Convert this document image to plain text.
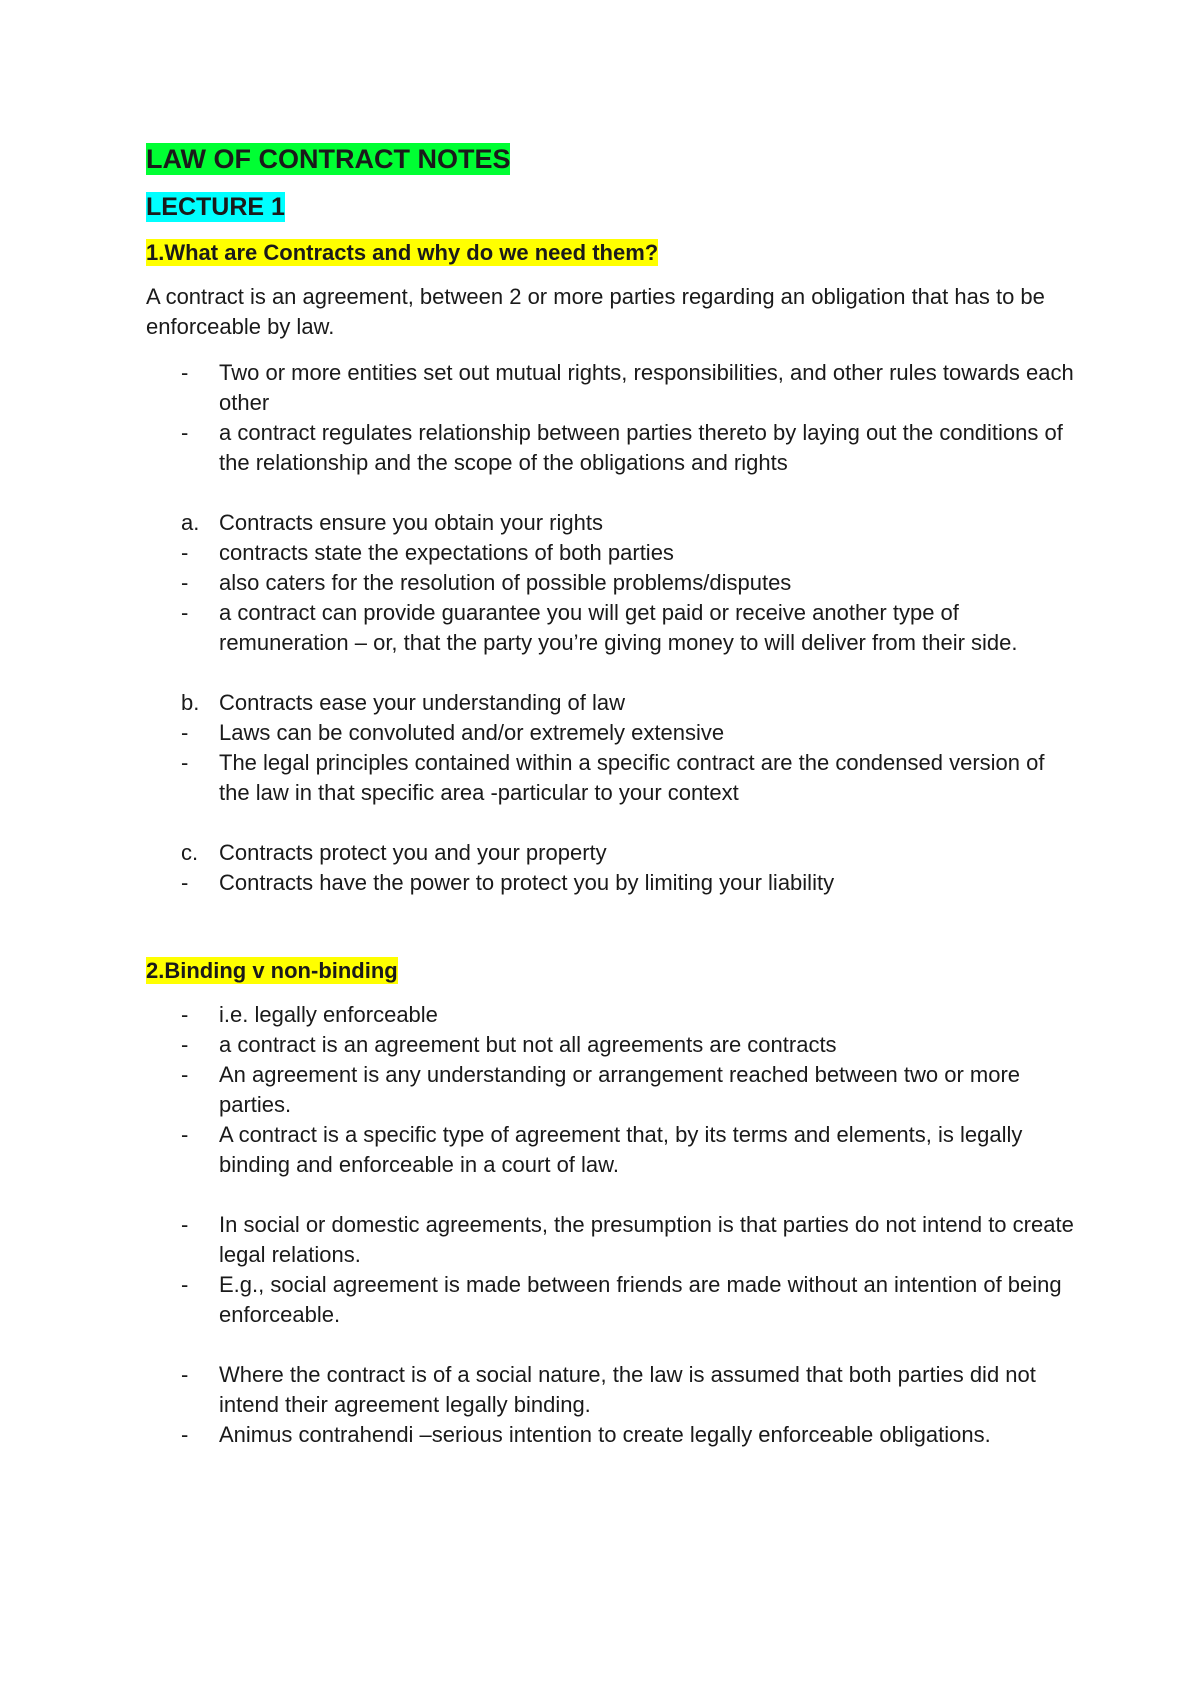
LAW OF CONTRACT NOTES
LECTURE 1
1.What are Contracts and why do we need them?

A contract is an agreement, between 2 or more parties regarding an obligation that has to be enforceable by law.

-	Two or more entities set out mutual rights, responsibilities, and other rules towards each other
-	a contract regulates relationship between parties thereto by laying out the conditions of the relationship and the scope of the obligations and rights
a. Contracts ensure you obtain your rights
-	contracts state the expectations of both parties
-	also caters for the resolution of possible problems/disputes
-	a contract can provide guarantee you will get paid or receive another type of remuneration – or, that the party you’re giving money to will deliver from their side.
b. Contracts ease your understanding of law
-	Laws can be convoluted and/or extremely extensive
-	The legal principles contained within a specific contract are the condensed version of the law in that specific area -particular to your context
c. Contracts protect you and your property
-	Contracts have the power to protect you by limiting your liability
2.Binding v non-binding
-	i.e. legally enforceable
-	a contract is an agreement but not all agreements are contracts
-	An agreement is any understanding or arrangement reached between two or more parties.
-	A contract is a specific type of agreement that, by its terms and elements, is legally binding and enforceable in a court of law.
-	In social or domestic agreements, the presumption is that parties do not intend to create legal relations.
-	E.g., social agreement is made between friends are made without an intention of being enforceable.
-	Where the contract is of a social nature, the law is assumed that both parties did not intend their agreement legally binding.
-	Animus contrahendi –serious intention to create legally enforceable obligations.
